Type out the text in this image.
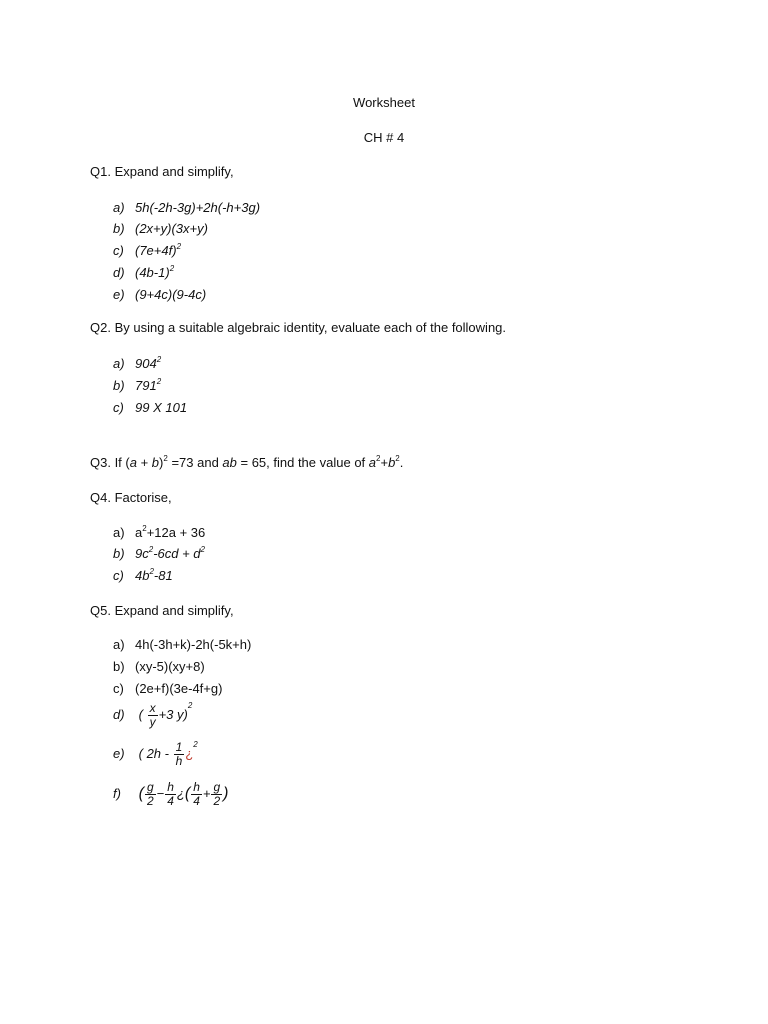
Worksheet
CH # 4
Q1. Expand and simplify,
a) 5h(-2h-3g)+2h(-h+3g)
b) (2x+y)(3x+y)
c) $(7e+4f)^2$
d) $(4b-1)^2$
e) (9+4c)(9-4c)
Q2. By using a suitable algebraic identity, evaluate each of the following.
a) $904^2$
b) $791^2$
c) 99 X 101
Q3. If $(a + b)^2 =73$ and ab = 65, find the value of $a^2+b^2$.
Q4. Factorise,
a) $a^2+12a + 36$
b) $9c^2-6cd + d^2$
c) $4b^2-81$
Q5. Expand and simplify,
a) 4h(-3h+k)-2h(-5k+h)
b) (xy-5)(xy+8)
c) (2e+f)(3e-4f+g)
d) ( $\frac{x}{y} +3$ y)$^2$
e) ( $2h - \frac{1}{h}$ ¿$^2$
f) ( $\frac{g}{2} - \frac{h}{4}$ ¿( $\frac{h}{4} + \frac{g}{2}$ )
